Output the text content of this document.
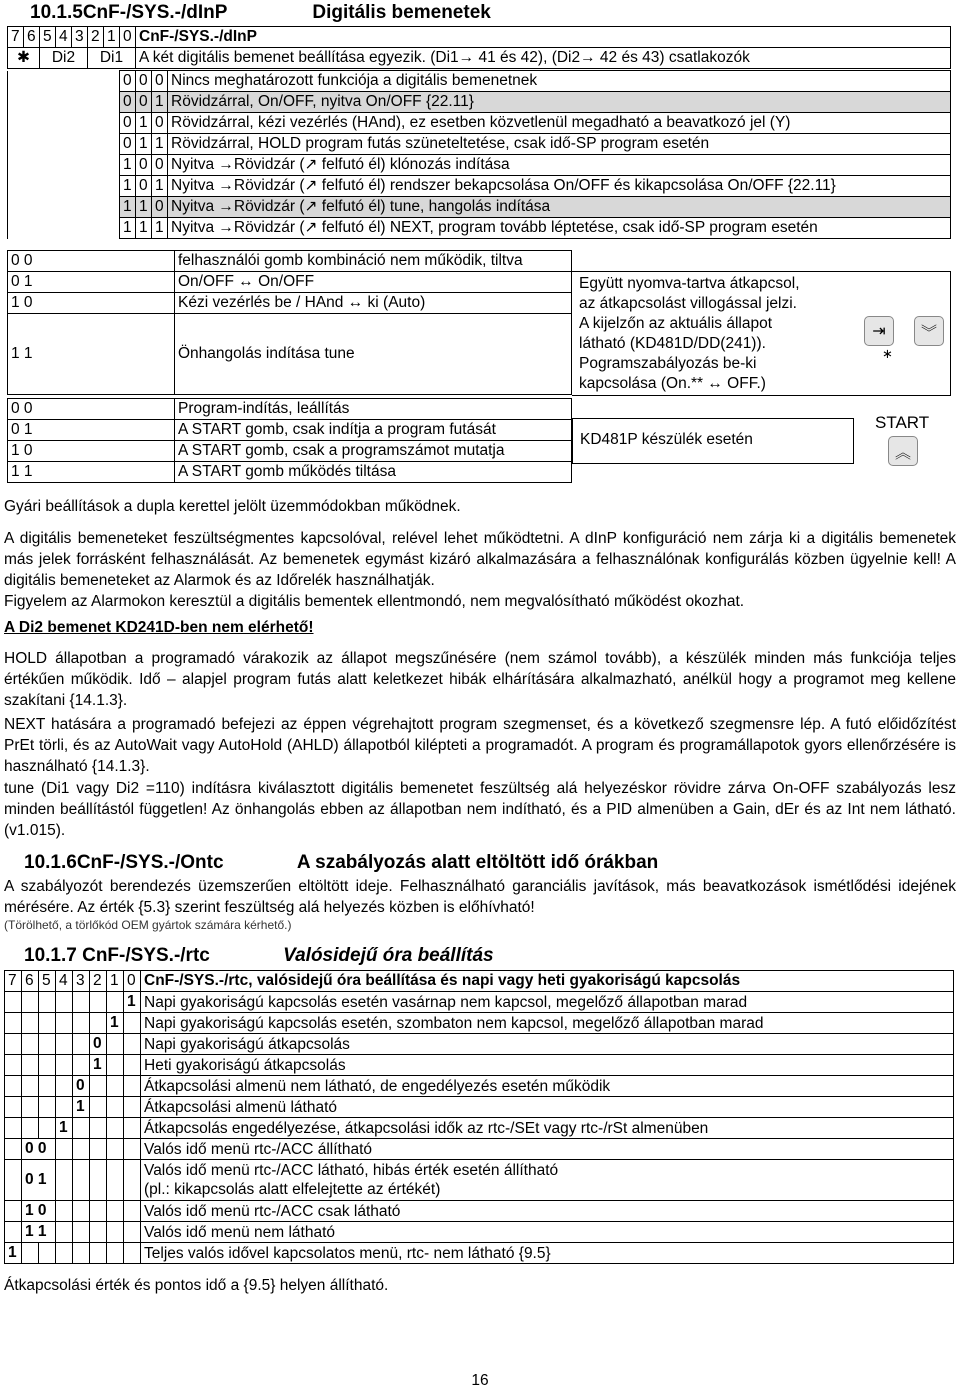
10.1.5CnF-/SYS.-/dInP	Digitális bemenetek
7	6	5	4	3	2	1	0	CnF-/SYS.-/dInP
✱		Di2			Di1			A két digitális bemenet beállítása egyezik. (Di1→ 41 és 42), (Di2→ 42 és 43) csatlakozók
	0	0	0	Nincs meghatározott funkciója a digitális bemenetnek
	0	0	1	Rövidzárral, On/OFF, nyitva On/OFF {22.11}
	0	1	0	Rövidzárral, kézi vezérlés (HAnd), ez esetben közvetlenül megadható a beavatkozó jel (Y)
	0	1	1	Rövidzárral, HOLD program futás szüneteltetése, csak idő-SP program esetén
	1	0	0	Nyitva →Rövidzár (↗ felfutó él) klónozás indítása
	1	0	1	Nyitva →Rövidzár (↗ felfutó él) rendszer bekapcsolása On/OFF és kikapcsolása On/OFF {22.11}
	1	1	0	Nyitva →Rövidzár (↗ felfutó él) tune, hangolás indítása
	1	1	1	Nyitva →Rövidzár (↗ felfutó él) NEXT, program tovább léptetése, csak idő-SP program esetén
0 0	felhasználói gomb kombináció nem működik, tiltva
0 1	On/OFF ↔ On/OFF
1 0	Kézi vezérlés be / HAnd ↔ ki (Auto)
1 1	Önhangolás indítása tune
Együtt nyomva-tartva átkapcsol,
az átkapcsolást villogással jelzi.
A kijelzőn az aktuális állapot
látható (KD481D/DD(241)).
Pogramszabályozás be-ki
kapcsolása (On.** ↔ OFF.)
⇥	︾
∗
0 0	Program-indítás, leállítás
0 1	A START gomb, csak indítja a program futását
1 0	A START gomb, csak a programszámot mutatja
1 1	A START gomb működés tiltása
KD481P készülék esetén
START
︽
Gyári beállítások a dupla kerettel jelölt üzemmódokban működnek.
A digitális bemeneteket feszültségmentes kapcsolóval, relével lehet működtetni. A dInP konfiguráció nem zárja ki a digitális bemenetek más jelek forrásként felhasználását. Az bemenetek egymást kizáró alkalmazására a felhasználónak konfigurálás közben ügyelnie kell! A digitális bemeneteket az Alarmok és az Időrelék használhatják.
Figyelem az Alarmokon keresztül a digitális bementek ellentmondó, nem megvalósítható működést okozhat.
A Di2 bemenet KD241D-ben nem elérhető!
HOLD állapotban a programadó várakozik az állapot megszűnésére (nem számol tovább), a készülék minden más funkciója teljes értékűen működik. Idő – alapjel program futás alatt keletkezet hibák elhárítására alkalmazható, anélkül hogy a programot meg kellene szakítani {14.1.3}.
NEXT hatására a programadó befejezi az éppen végrehajtott program szegmenset, és a következő szegmensre lép. A futó előidőzítést PrEt törli, és az AutoWait vagy AutoHold (AHLD) állapotból kilépteti a programadót. A program és programállapotok gyors ellenőrzésére is használható {14.1.3}.
tune (Di1 vagy Di2 =110) indításra kiválasztott digitális bemenetet feszültség alá helyezéskor rövidre zárva On-OFF szabályozás lesz minden beállítástól független! Az önhangolás ebben az állapotban nem indítható, és a PID almenüben a Gain, dEr és az Int nem látható. (v1.015).
10.1.6CnF-/SYS.-/Ontc	A szabályozás alatt eltöltött idő órákban
A szabályozót berendezés üzemszerűen eltöltött ideje. Felhasználható garanciális javítások, más beavatkozások ismétlődési idejének mérésére. Az érték {5.3} szerint feszültség alá helyezés közben is előhívható!
(Törölhető, a törlőkód OEM gyártok számára kérhető.)
10.1.7 CnF-/SYS.-/rtc	Valósidejű óra beállítás
7	6	5	4	3	2	1	0	CnF-/SYS.-/rtc, valósidejű óra beállítása és napi vagy heti gyakoriságú kapcsolás
							1	Napi gyakoriságú kapcsolás esetén vasárnap nem kapcsol, megelőző állapotban marad

						1		Napi gyakoriságú kapcsolás esetén, szombaton nem kapcsol, megelőző állapotban marad

					0			Napi gyakoriságú átkapcsolás

					1			Heti gyakoriságú átkapcsolás

				0				Átkapcsolási almenü nem látható, de engedélyezés esetén működik

				1				Átkapcsolási almenü látható

			1					Átkapcsolás engedélyezése, átkapcsolási idők az rtc-/SEt vagy rtc-/rSt almenüben

	0 0							Valós idő menü rtc-/ACC állítható

	0 1							Valós idő menü rtc-/ACC látható, hibás érték esetén állítható
(pl.: kikapcsolás alatt elfelejtette az értékét)

	1 0							Valós idő menü rtc-/ACC csak látható

	1 1							Valós idő menü nem látható

1								Teljes valós idővel kapcsolatos menü, rtc- nem látható {9.5}
Átkapcsolási érték és pontos idő a {9.5} helyen állítható.
16
